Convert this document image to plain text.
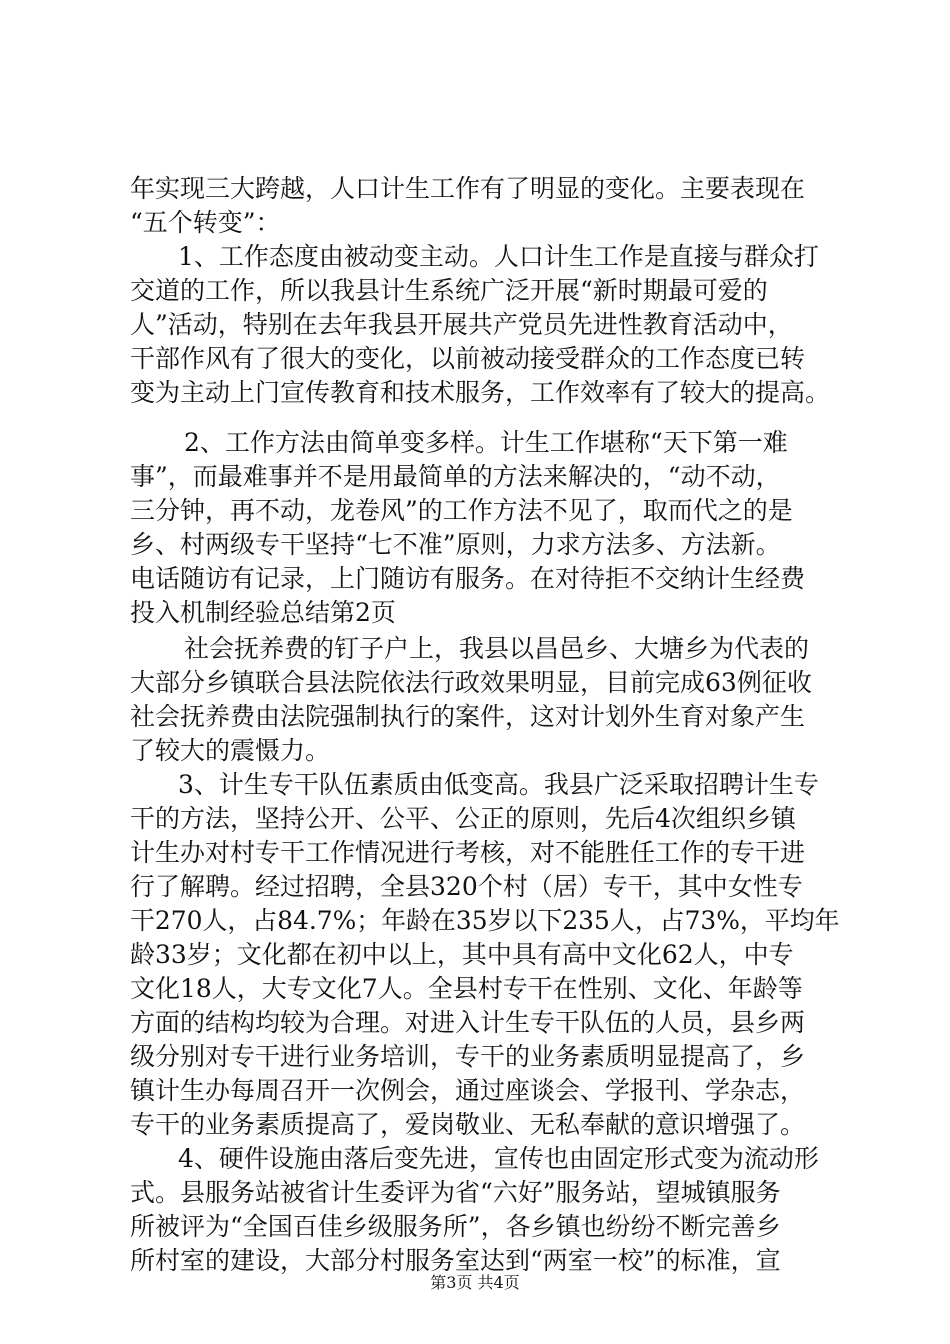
年实现三大跨越，人口计生工作有了明显的变化。主要表现在
“五个转变”：
1、工作态度由被动变主动。人口计生工作是直接与群众打
交道的工作，所以我县计生系统广泛开展“新时期最可爱的
人”活动，特别在去年我县开展共产党员先进性教育活动中，
干部作风有了很大的变化，以前被动接受群众的工作态度已转
变为主动上门宣传教育和技术服务，工作效率有了较大的提高。
2、工作方法由简单变多样。计生工作堪称“天下第一难
事”，而最难事并不是用最简单的方法来解决的，“动不动，
三分钟，再不动，龙卷风”的工作方法不见了，取而代之的是
乡、村两级专干坚持“七不准”原则，力求方法多、方法新。
电话随访有记录，上门随访有服务。在对待拒不交纳计生经费
投入机制经验总结第2页
社会抚养费的钉子户上，我县以昌邑乡、大塘乡为代表的
大部分乡镇联合县法院依法行政效果明显，目前完成63例征收
社会抚养费由法院强制执行的案件，这对计划外生育对象产生
了较大的震慑力。
3、计生专干队伍素质由低变高。我县广泛采取招聘计生专
干的方法，坚持公开、公平、公正的原则，先后4次组织乡镇
计生办对村专干工作情况进行考核，对不能胜任工作的专干进
行了解聘。经过招聘，全县320个村（居）专干，其中女性专
干270人，占84.7%；年龄在35岁以下235人，占73%，平均年
龄33岁；文化都在初中以上，其中具有高中文化62人，中专
文化18人，大专文化7人。全县村专干在性别、文化、年龄等
方面的结构均较为合理。对进入计生专干队伍的人员，县乡两
级分别对专干进行业务培训，专干的业务素质明显提高了，乡
镇计生办每周召开一次例会，通过座谈会、学报刊、学杂志，
专干的业务素质提高了，爱岗敬业、无私奉献的意识增强了。
4、硬件设施由落后变先进，宣传也由固定形式变为流动形
式。县服务站被省计生委评为省“六好”服务站，望城镇服务
所被评为“全国百佳乡级服务所”，各乡镇也纷纷不断完善乡
所村室的建设，大部分村服务室达到“两室一校”的标准，宣
第3页 共4页
